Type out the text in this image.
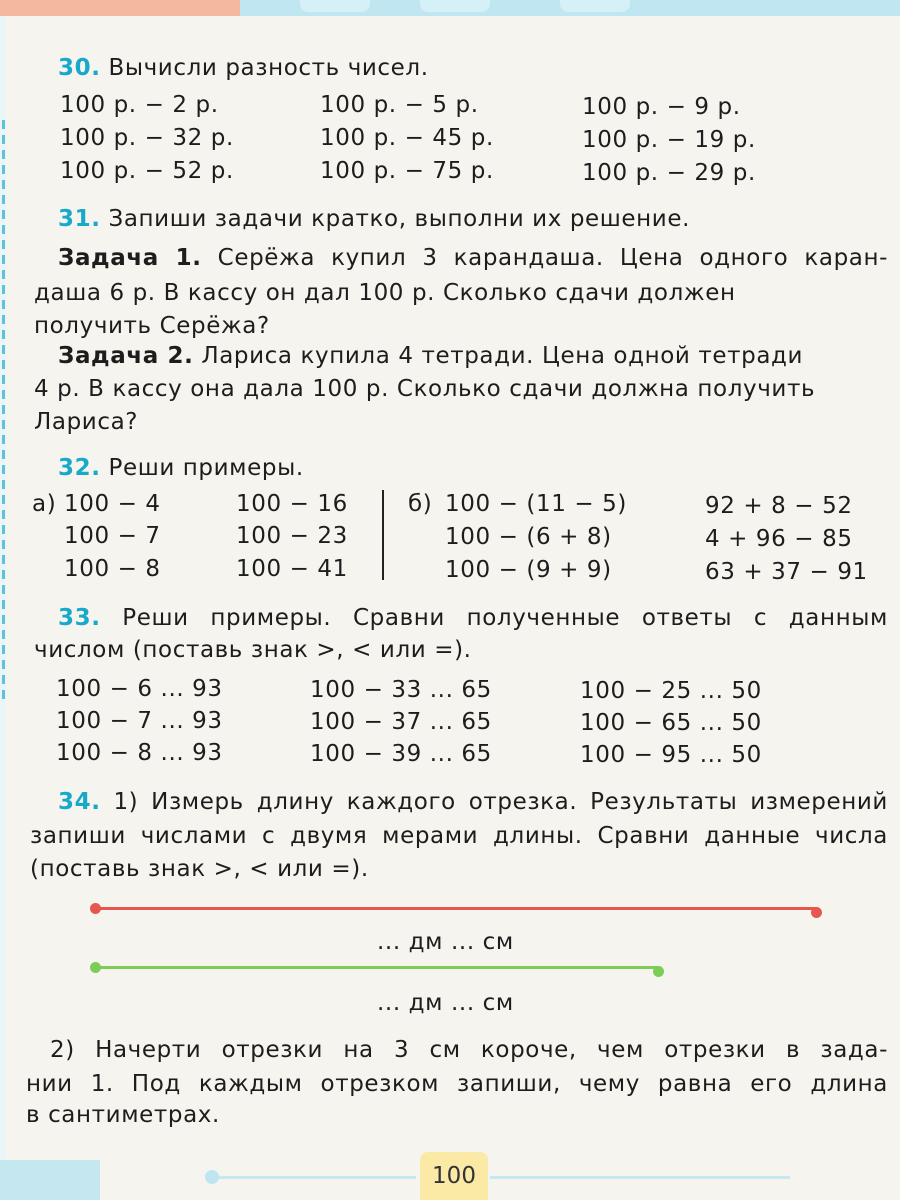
30. Вычисли разность чисел.
100 р. − 2 р.
100 р. − 32 р.
100 р. − 52 р.
100 р. − 5 р.
100 р. − 45 р.
100 р. − 75 р.
100 р. − 9 р.
100 р. − 19 р.
100 р. − 29 р.
31. Запиши задачи кратко, выполни их решение.
Задача 1. Серёжа купил 3 карандаша. Цена одного каран-
даша 6 р. В кассу он дал 100 р. Сколько сдачи должен
получить Серёжа?
Задача 2. Лариса купила 4 тетради. Цена одной тетради
4 р. В кассу она дала 100 р. Сколько сдачи должна получить
Лариса?
32. Реши примеры.
а) 100 − 4
100 − 7
100 − 8
100 − 16
100 − 23
100 − 41
б) 100 − (11 − 5)
100 − (6 + 8)
100 − (9 + 9)
92 + 8 − 52
4 + 96 − 85
63 + 37 − 91
33. Реши примеры. Сравни полученные ответы с данным
числом (поставь знак >, < или =).
100 − 6 ... 93
100 − 7 ... 93
100 − 8 ... 93
100 − 33 ... 65
100 − 37 ... 65
100 − 39 ... 65
100 − 25 ... 50
100 − 65 ... 50
100 − 95 ... 50
34. 1) Измерь длину каждого отрезка. Результаты измерений
запиши числами с двумя мерами длины. Сравни данные числа
(поставь знак >, < или =).
... дм ... см
... дм ... см
2) Начерти отрезки на 3 см короче, чем отрезки в зада-
нии 1. Под каждым отрезком запиши, чему равна его длина
в сантиметрах.
100
